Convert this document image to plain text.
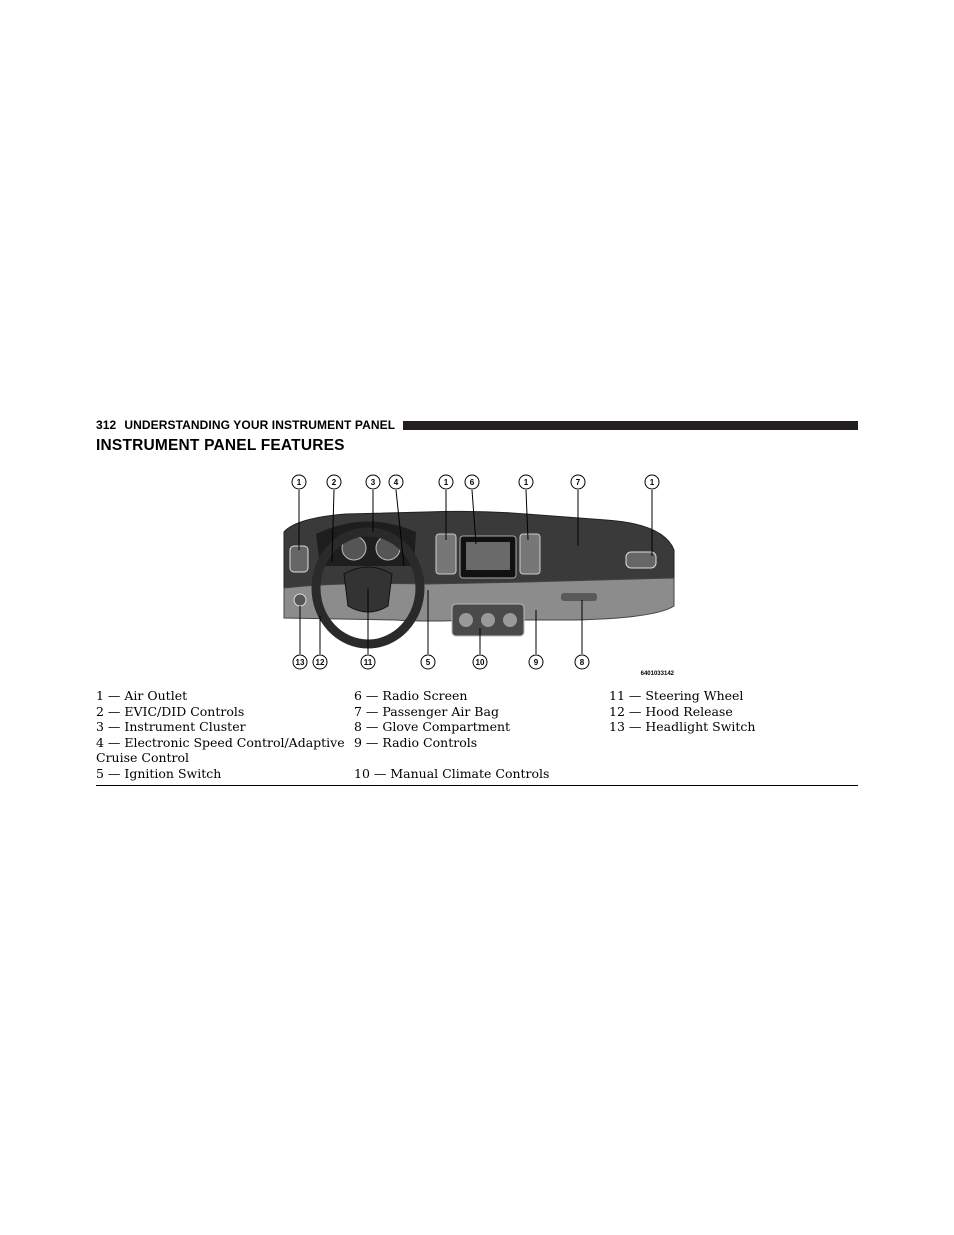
312 UNDERSTANDING YOUR INSTRUMENT PANEL
INSTRUMENT PANEL FEATURES
1	2	3 4	1	6	1	7	1
13 12	11	5	10	9	8
6401033142
1 — Air Outlet
2 — EVIC/DID Controls
3 — Instrument Cluster
4 — Electronic Speed Control/Adaptive Cruise Control
5 — Ignition Switch
6 — Radio Screen
7 — Passenger Air Bag
8 — Glove Compartment
9 — Radio Controls
10 — Manual Climate Controls
11 — Steering Wheel
12 — Hood Release
13 — Headlight Switch
